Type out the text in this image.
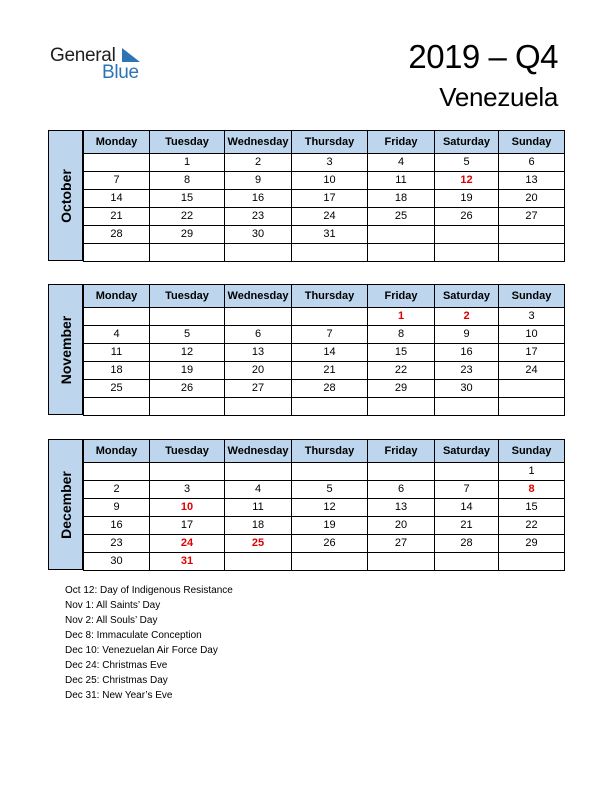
General
Blue	2019 – Q4
Venezuela
October
Monday	Tuesday	Wednesday	Thursday	Friday	Saturday	Sunday
	1	2	3	4	5	6
7	8	9	10	11	12	13
14	15	16	17	18	19	20
21	22	23	24	25	26	27
28	29	30	31			

November
Monday	Tuesday	Wednesday	Thursday	Friday	Saturday	Sunday
				1	2	3
4	5	6	7	8	9	10
11	12	13	14	15	16	17
18	19	20	21	22	23	24
25	26	27	28	29	30	

December
Monday	Tuesday	Wednesday	Thursday	Friday	Saturday	Sunday
						1
2	3	4	5	6	7	8
9	10	11	12	13	14	15
16	17	18	19	20	21	22
23	24	25	26	27	28	29
30	31					
Oct 12: Day of Indigenous Resistance
Nov 1: All Saints’ Day
Nov 2: All Souls’ Day
Dec 8: Immaculate Conception
Dec 10: Venezuelan Air Force Day
Dec 24: Christmas Eve
Dec 25: Christmas Day
Dec 31: New Year’s Eve
